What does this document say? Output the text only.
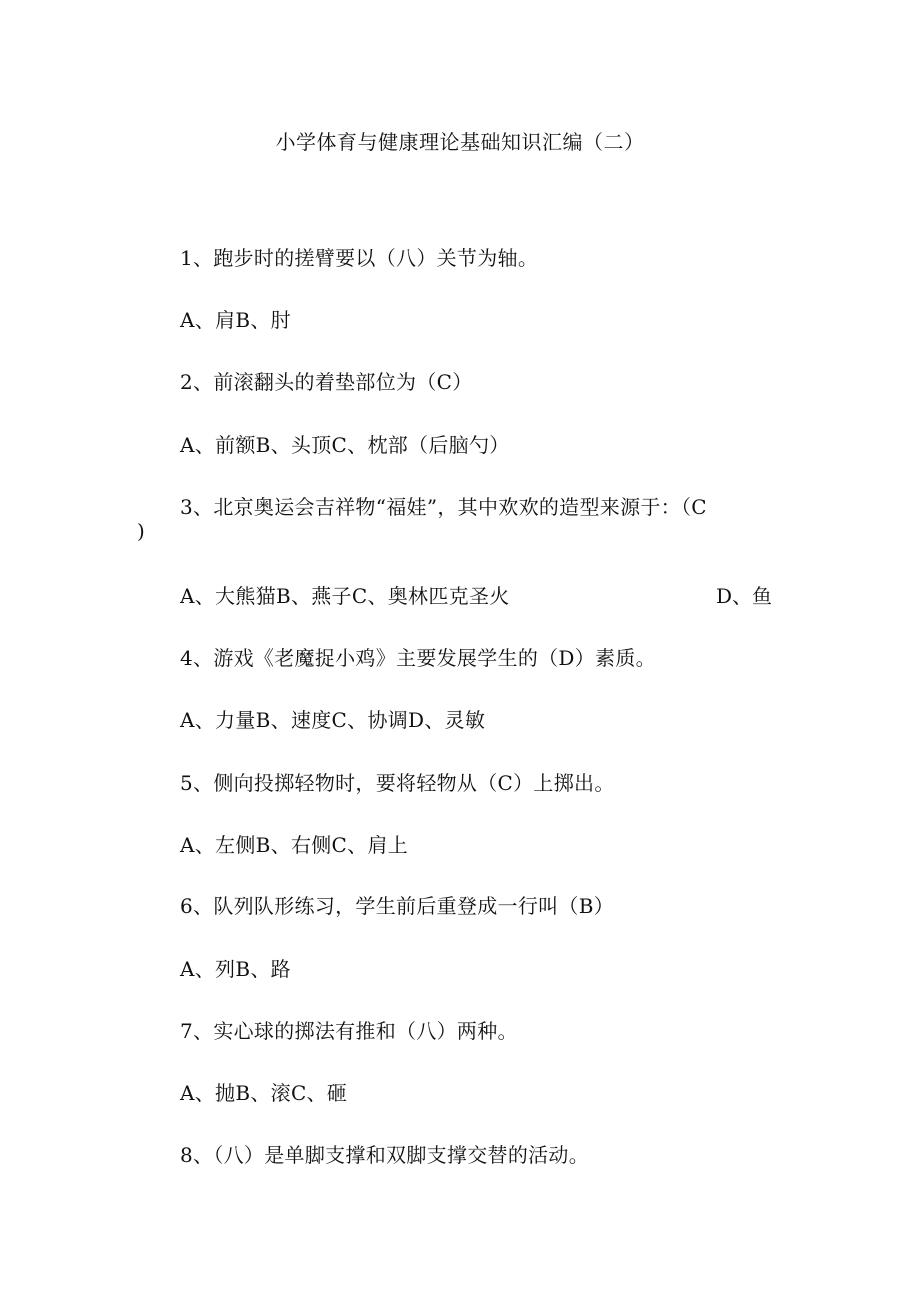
小学体育与健康理论基础知识汇编（二）
1、跑步时的搓臂要以（八）关节为轴。
A、肩B、肘
2、前滚翻头的着垫部位为（C）
A、前额B、头顶C、枕部（后脑勺）
3、北京奥运会吉祥物“福娃”，其中欢欢的造型来源于：（C
)
A、大熊猫B、燕子C、奥林匹克圣火	D、鱼
4、游戏《老魔捉小鸡》主要发展学生的（D）素质。
A、力量B、速度C、协调D、灵敏
5、侧向投掷轻物时，要将轻物从（C）上掷出。
A、左侧B、右侧C、肩上
6、队列队形练习，学生前后重登成一行叫（B）
A、列B、路
7、实心球的掷法有推和（八）两种。
A、抛B、滚C、砸
8、（八）是单脚支撑和双脚支撑交替的活动。
